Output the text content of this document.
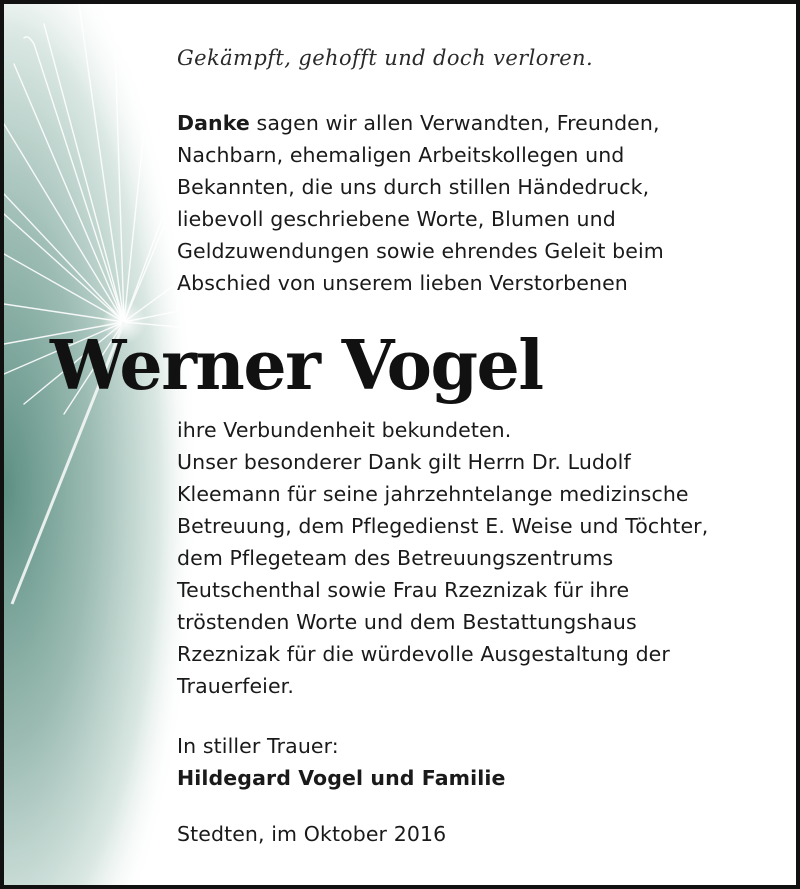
Gekämpft, gehofft und doch verloren.

Danke sagen wir allen Verwandten, Freunden,

Nachbarn, ehemaligen Arbeitskollegen und

Bekannten, die uns durch stillen Händedruck,

liebevoll geschriebene Worte, Blumen und

Geldzuwendungen sowie ehrendes Geleit beim

Abschied von unserem lieben Verstorbenen

Werner Vogel

ihre Verbundenheit bekundeten.

Unser besonderer Dank gilt Herrn Dr. Ludolf

Kleemann für seine jahrzehntelange medizinsche

Betreuung, dem Pflegedienst E. Weise und Töchter,

dem Pflegeteam des Betreuungszentrums

Teutschenthal sowie Frau Rzeznizak für ihre

tröstenden Worte und dem Bestattungshaus

Rzeznizak für die würdevolle Ausgestaltung der

Trauerfeier.

In stiller Trauer:

Hildegard Vogel und Familie

Stedten, im Oktober 2016
